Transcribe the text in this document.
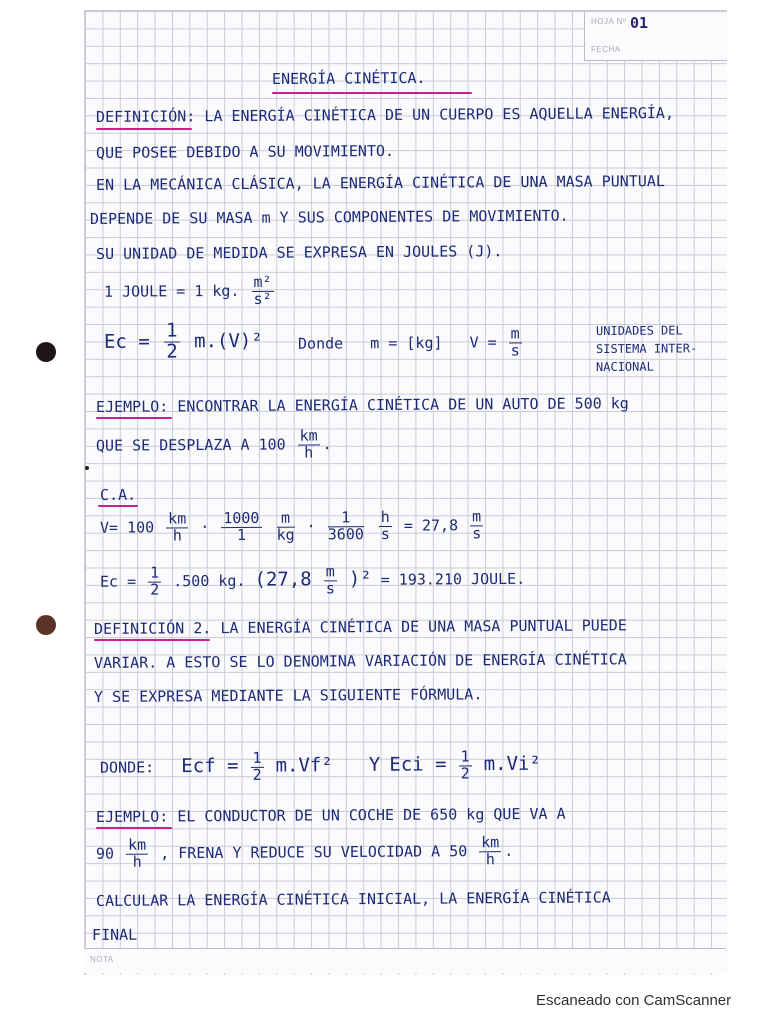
HOJA Nº 01
FECHA
NOTA
ENERGÍA CINÉTICA.
DEFINICIÓN: LA ENERGÍA CINÉTICA DE UN CUERPO ES AQUELLA ENERGÍA,
QUE POSEE DEBIDO A SU MOVIMIENTO.
EN LA MECÁNICA CLÁSICA, LA ENERGÍA CINÉTICA DE UNA MASA PUNTUAL
DEPENDE DE SU MASA m Y SUS COMPONENTES DE MOVIMIENTO.
SU UNIDAD DE MEDIDA SE EXPRESA EN JOULES (J).
1 JOULE = 1 kg. $\frac{\text{m²}}{\text{s²}}$
$Ec = \frac{1}{2} m.(V)^2$ Donde m = [kg] $V = \frac{m}{s}$	UNIDADES DEL
SISTEMA INTER-
NACIONAL
EJEMPLO: ENCONTRAR LA ENERGÍA CINÉTICA DE UN AUTO DE 500 kg
QUE SE DESPLAZA A $100 \frac{km}{h}$ .
C.A.
$V= 100 \frac{km}{h} \cdot \frac{1000}{1}$
$\frac{m}{kg} \cdot \frac{1}{3600}$
$\frac{h}{s} = 27,8 \frac{m}{s}$
$Ec = \frac{1}{2} .500$ kg. $(27,8 \frac{m}{s} )^2 = 193.210$ JOULE.
DEFINICIÓN 2. LA ENERGÍA CINÉTICA DE UNA MASA PUNTUAL PUEDE
VARIAR. A ESTO SE LO DENOMINA VARIACIÓN DE ENERGÍA CINÉTICA
Y SE EXPRESA MEDIANTE LA SIGUIENTE FÓRMULA.
DONDE: Ecf = $\frac{1}{2} m.Vf^2$ Y Eci = $\frac{1}{2} m.Vi^2$
EJEMPLO: EL CONDUCTOR DE UN COCHE DE 650 kg QUE VA A
$90 \frac{km}{h}$ , FRENA Y REDUCE SU VELOCIDAD A $50 \frac{km}{h}$ .
CALCULAR LA ENERGÍA CINÉTICA INICIAL, LA ENERGÍA CINÉTICA
FINAL
Escaneado con CamScanner
